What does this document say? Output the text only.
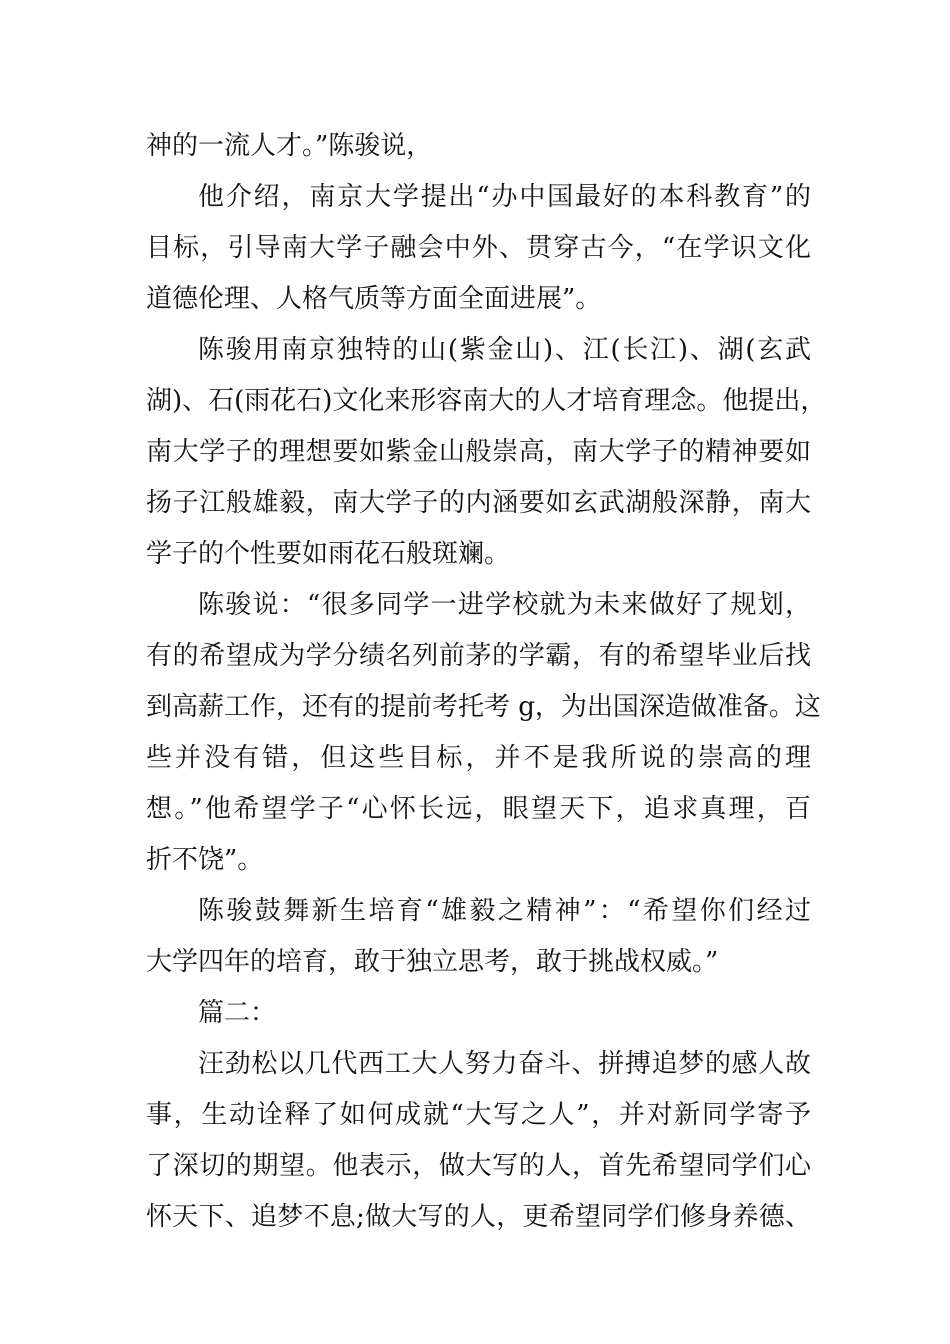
神的一流人才。”陈骏说，
他介绍，南京大学提出“办中国最好的本科教育”的
目标，引导南大学子融会中外、贯穿古今，“在学识文化
道德伦理、人格气质等方面全面进展”。
陈骏用南京独特的山(紫金山)、江(长江)、湖(玄武
湖)、石(雨花石)文化来形容南大的人才培育理念。他提出，
南大学子的理想要如紫金山般崇高，南大学子的精神要如
扬子江般雄毅，南大学子的内涵要如玄武湖般深静，南大
学子的个性要如雨花石般斑斓。
陈骏说：“很多同学一进学校就为未来做好了规划，
有的希望成为学分绩名列前茅的学霸，有的希望毕业后找
到高薪工作，还有的提前考托考 g，为出国深造做准备。这
些并没有错，但这些目标，并不是我所说的崇高的理
想。”他希望学子“心怀长远，眼望天下，追求真理，百
折不饶”。
陈骏鼓舞新生培育“雄毅之精神”：“希望你们经过
大学四年的培育，敢于独立思考，敢于挑战权威。”
篇二：
汪劲松以几代西工大人努力奋斗、拼搏追梦的感人故
事，生动诠释了如何成就“大写之人”，并对新同学寄予
了深切的期望。他表示，做大写的人，首先希望同学们心
怀天下、追梦不息;做大写的人，更希望同学们修身养德、
